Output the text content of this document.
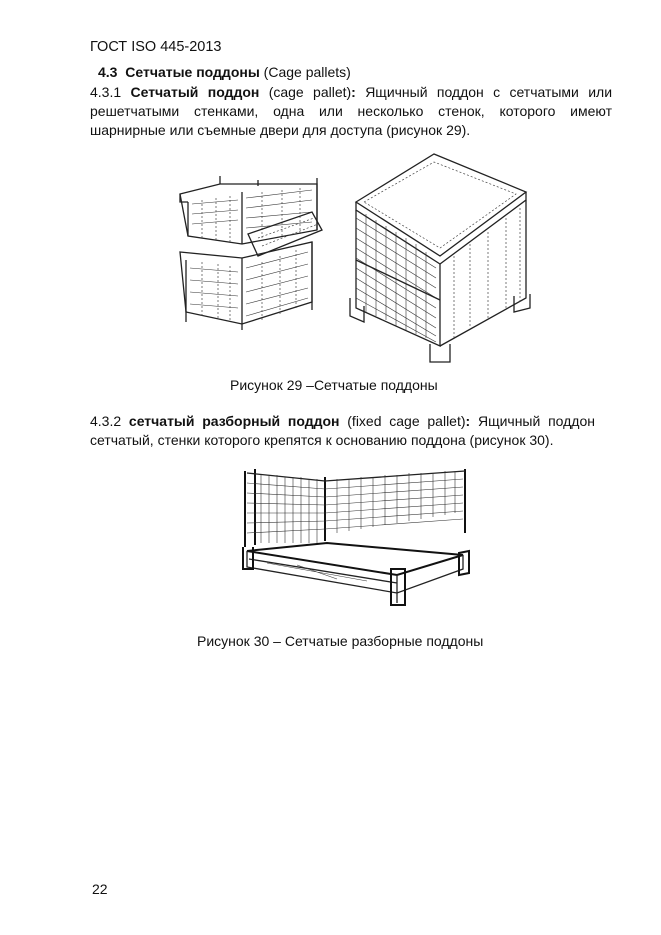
ГОСТ ISO 445-2013
4.3 Сетчатые поддоны (Cage pallets)
4.3.1 Сетчатый поддон (cage pallet): Ящичный поддон с сетчатыми или решетчатыми стенками, одна или несколько стенок, которого имеют шарнирные или съемные двери для доступа (рисунок 29).
Рисунок 29 –Сетчатые поддоны
4.3.2 сетчатый разборный поддон (fixed cage pallet): Ящичный поддон сетчатый, стенки которого крепятся к основанию поддона (рисунок 30).
Рисунок 30 – Сетчатые разборные поддоны
22
